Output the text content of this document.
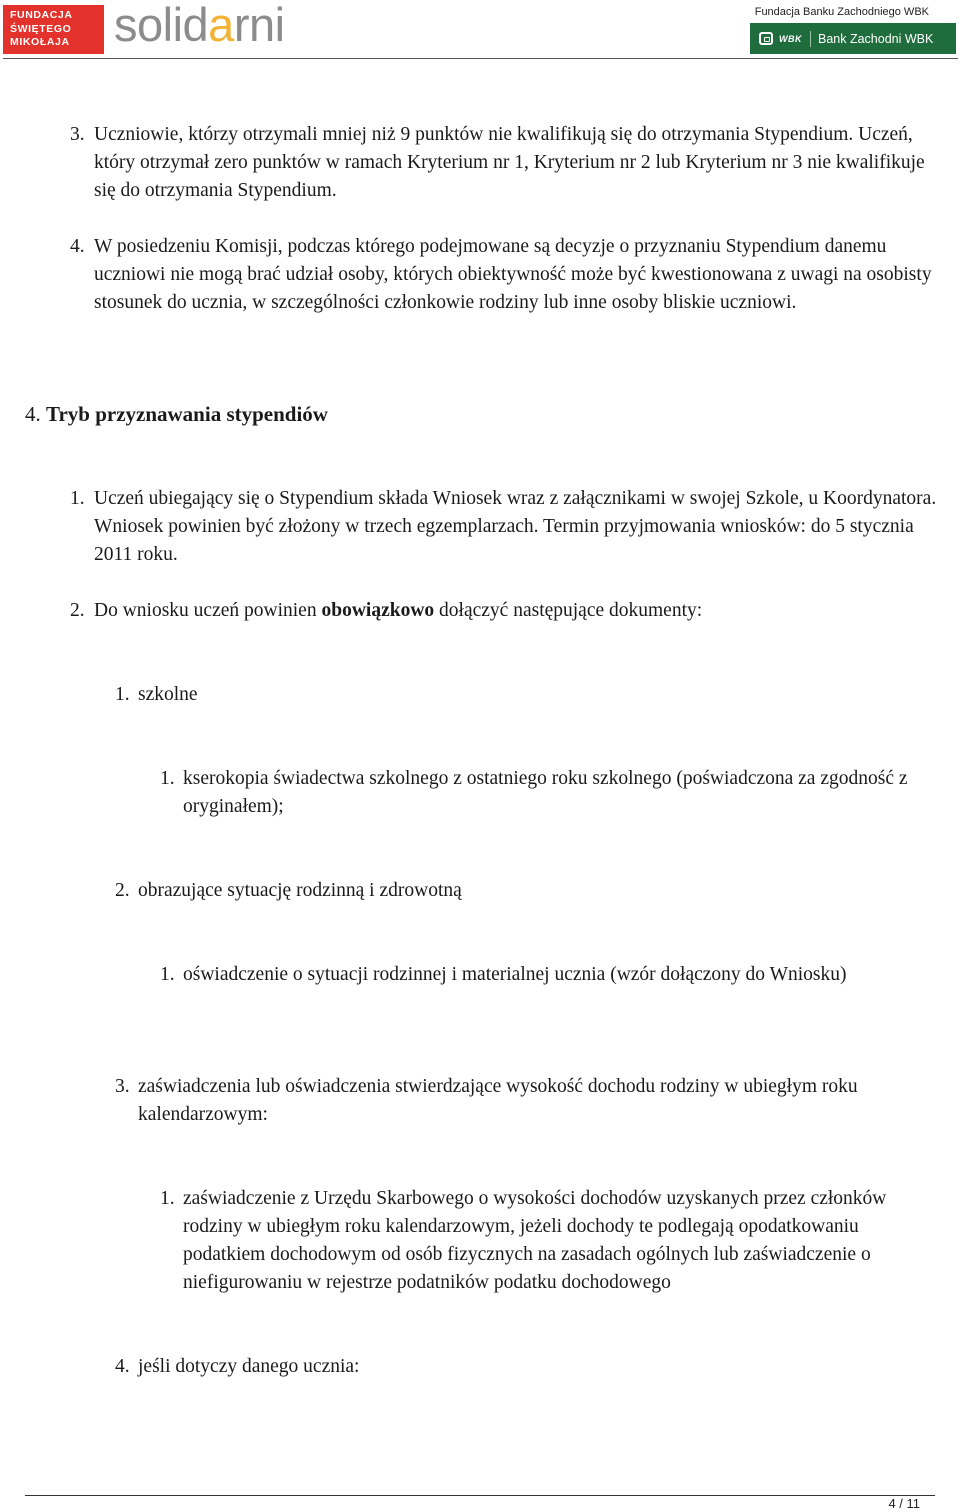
FUNDACJA
ŚWIĘTEGO
MIKOŁAJA solidarni	Fundacja Banku Zachodniego WBK
WBK Bank Zachodni WBK
3. Uczniowie, którzy otrzymali mniej niż 9 punktów nie kwalifikują się do otrzymania Stypendium. Uczeń, który otrzymał zero punktów w ramach Kryterium nr 1, Kryterium nr 2 lub Kryterium nr 3 nie kwalifikuje się do otrzymania Stypendium.
4. W posiedzeniu Komisji, podczas którego podejmowane są decyzje o przyznaniu Stypendium danemu uczniowi nie mogą brać udział osoby, których obiektywność może być kwestionowana z uwagi na osobisty stosunek do ucznia, w szczególności członkowie rodziny lub inne osoby bliskie uczniowi.
4. Tryb przyznawania stypendiów
1. Uczeń ubiegający się o Stypendium składa Wniosek wraz z załącznikami w swojej Szkole, u Koordynatora. Wniosek powinien być złożony w trzech egzemplarzach. Termin przyjmowania wniosków: do 5 stycznia 2011 roku.
2. Do wniosku uczeń powinien obowiązkowo dołączyć następujące dokumenty:
1. szkolne
1. kserokopia świadectwa szkolnego z ostatniego roku szkolnego (poświadczona za zgodność z oryginałem);
2. obrazujące sytuację rodzinną i zdrowotną
1. oświadczenie o sytuacji rodzinnej i materialnej ucznia (wzór dołączony do Wniosku)
3. zaświadczenia lub oświadczenia stwierdzające wysokość dochodu rodziny w ubiegłym roku kalendarzowym:
1. zaświadczenie z Urzędu Skarbowego o wysokości dochodów uzyskanych przez członków rodziny w ubiegłym roku kalendarzowym, jeżeli dochody te podlegają opodatkowaniu podatkiem dochodowym od osób fizycznych na zasadach ogólnych lub zaświadczenie o niefigurowaniu w rejestrze podatników podatku dochodowego
4. jeśli dotyczy danego ucznia:
4 / 11
